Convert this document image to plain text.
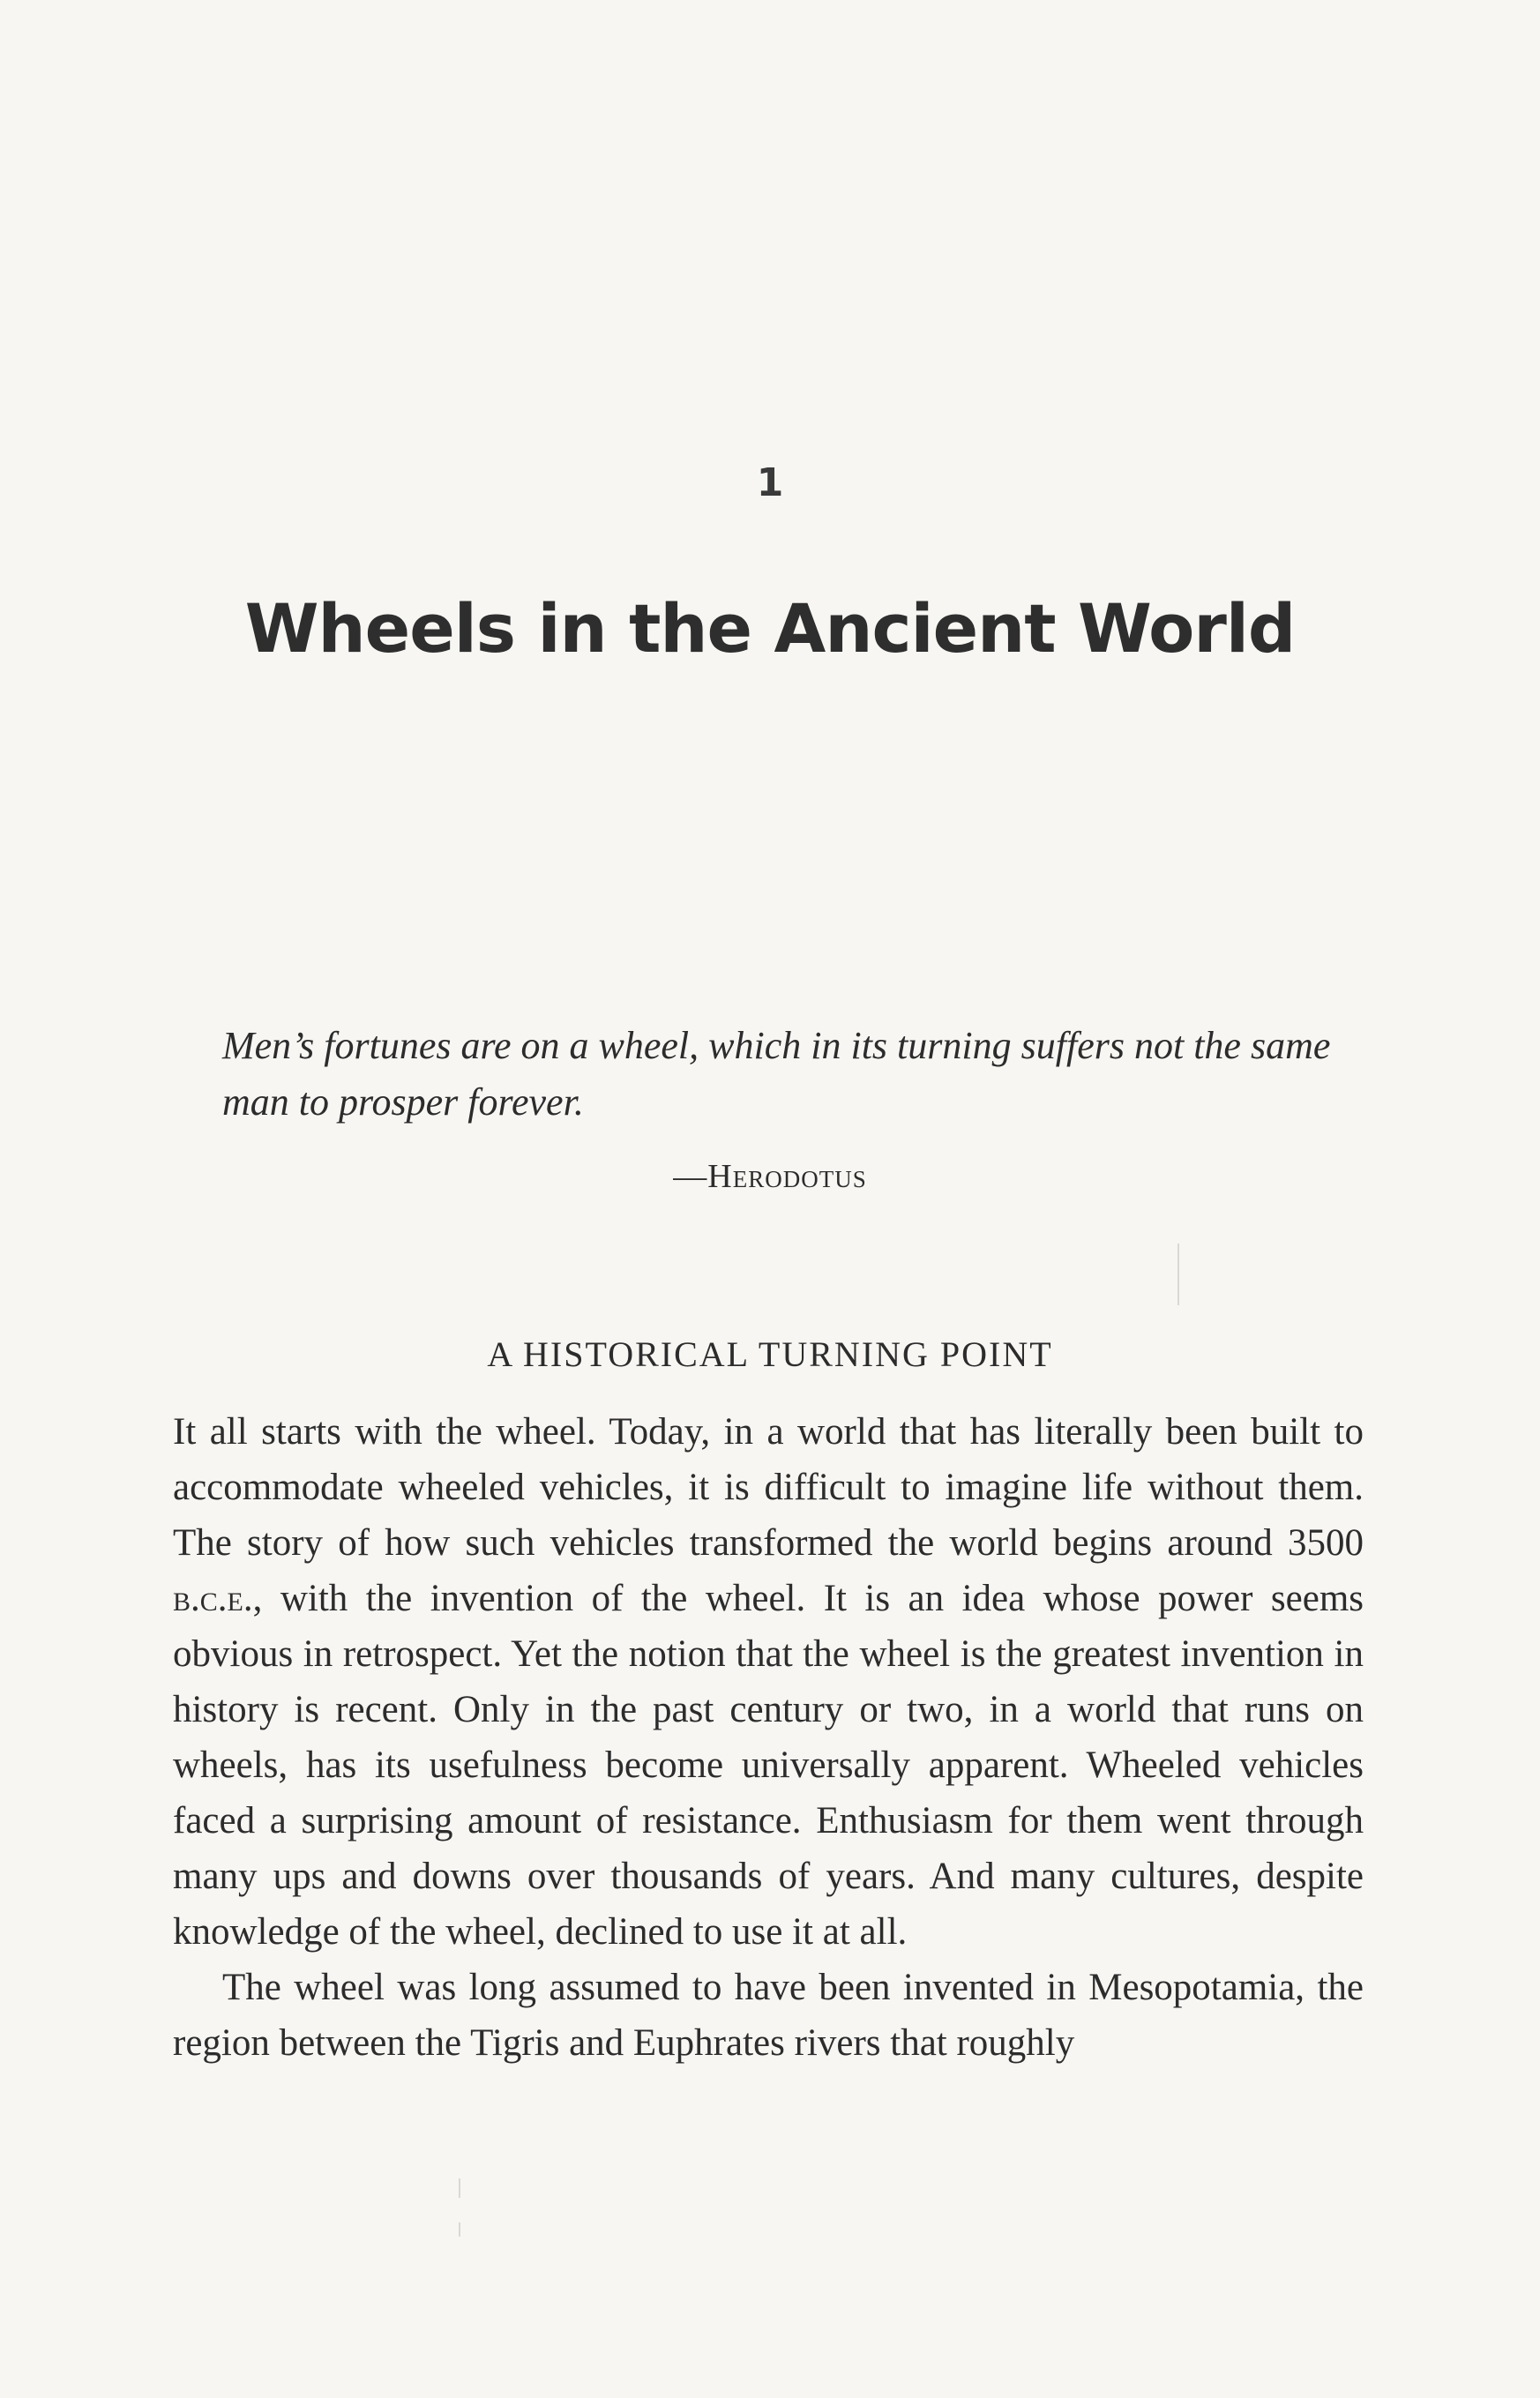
1
Wheels in the Ancient World
Men’s fortunes are on a wheel, which in its turning suffers not the same man to prosper forever.
—Herodotus
A HISTORICAL TURNING POINT

It all starts with the wheel. Today, in a world that has literally been built to accommodate wheeled vehicles, it is difficult to imagine life without them. The story of how such vehicles transformed the world begins around 3500 b.c.e., with the invention of the wheel. It is an idea whose power seems obvious in retrospect. Yet the notion that the wheel is the greatest invention in history is recent. Only in the past century or two, in a world that runs on wheels, has its usefulness become universally apparent. Wheeled vehicles faced a surprising amount of resistance. Enthusiasm for them went through many ups and downs over thousands of years. And many cultures, despite knowledge of the wheel, declined to use it at all.

The wheel was long assumed to have been invented in Mesopotamia, the region between the Tigris and Euphrates rivers that roughly
